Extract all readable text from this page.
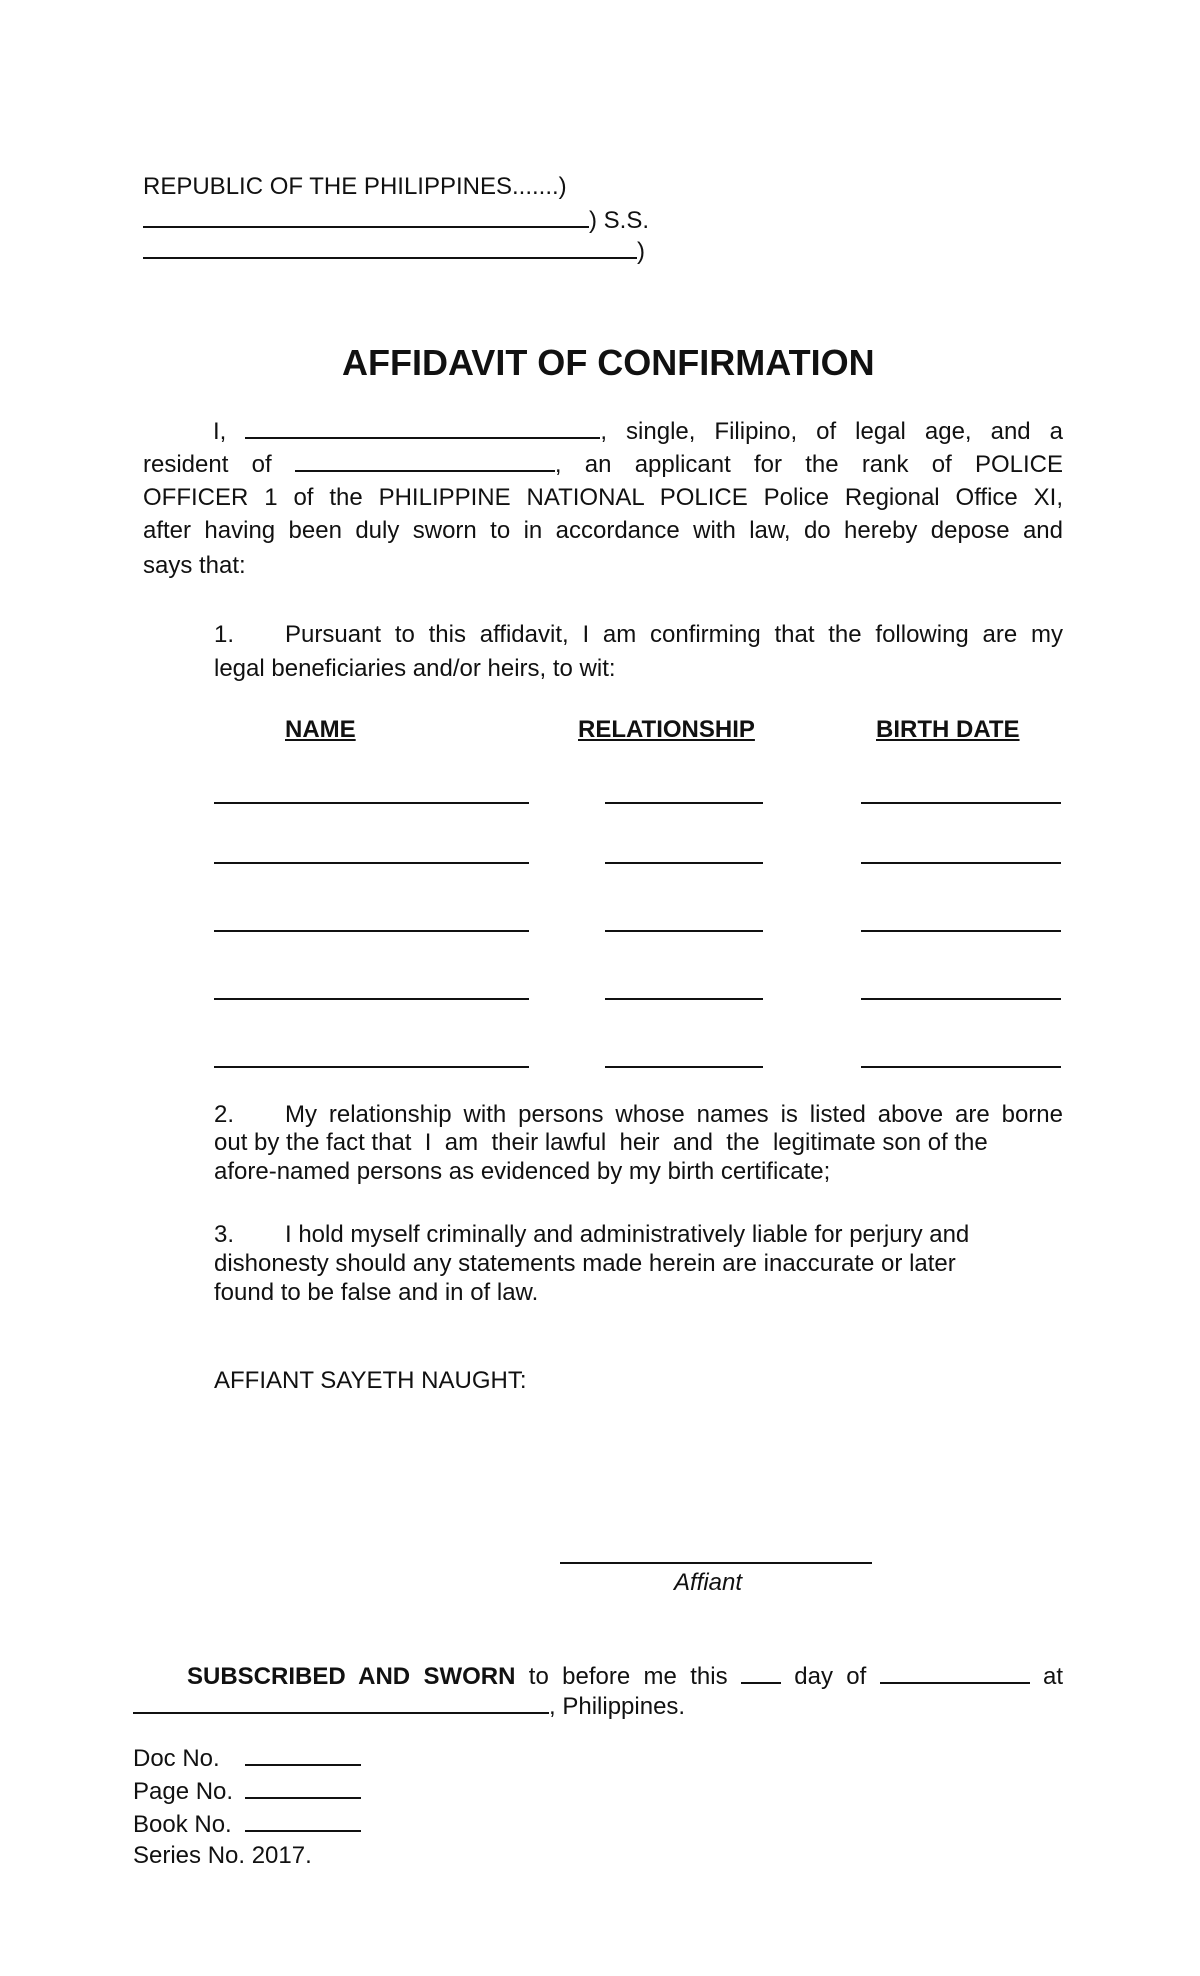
REPUBLIC OF THE PHILIPPINES.......)
) S.S.
)
AFFIDAVIT OF CONFIRMATION
I,	, single, Filipino, of legal age, and a
resident of	, an applicant for the rank of POLICE
OFFICER 1 of the PHILIPPINE NATIONAL POLICE Police Regional Office XI,
after having been duly sworn to in accordance with law, do hereby depose and
says that:
1. Pursuant to this affidavit, I am confirming that the following are my
legal beneficiaries and/or heirs, to wit:
NAME	RELATIONSHIP	BIRTH DATE
2. My relationship with persons whose names is listed above are borne
out by the fact that  I  am  their lawful  heir  and  the  legitimate son of the
afore-named persons as evidenced by my birth certificate;
3. I hold myself criminally and administratively liable for perjury and
dishonesty should any statements made herein are inaccurate or later
found to be false and in of law.
AFFIANT SAYETH NAUGHT:
Affiant
SUBSCRIBED AND SWORN to before me this  day of	at
, Philippines.
Doc No.
Page No.
Book No.
Series No. 2017.
